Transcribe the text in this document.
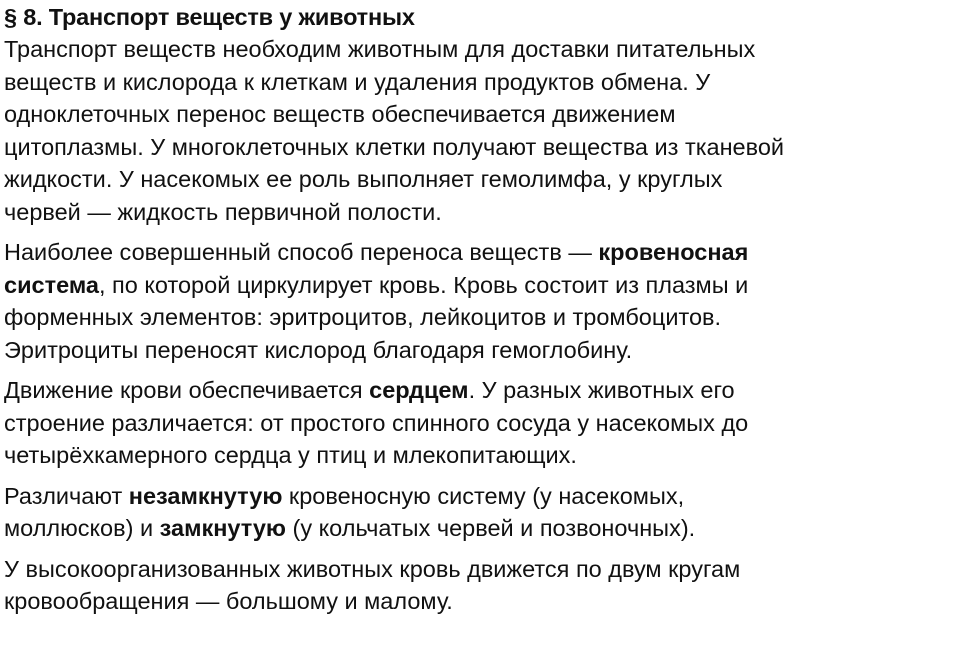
§ 8. Транспорт веществ у животных

Транспорт веществ необходим животным для доставки питательных
веществ и кислорода к клеткам и удаления продуктов обмена. У
одноклеточных перенос веществ обеспечивается движением
цитоплазмы. У многоклеточных клетки получают вещества из тканевой
жидкости. У насекомых ее роль выполняет гемолимфа, у круглых
червей — жидкость первичной полости.

Наиболее совершенный способ переноса веществ — кровеносная
система, по которой циркулирует кровь. Кровь состоит из плазмы и
форменных элементов: эритроцитов, лейкоцитов и тромбоцитов.
Эритроциты переносят кислород благодаря гемоглобину.

Движение крови обеспечивается сердцем. У разных животных его
строение различается: от простого спинного сосуда у насекомых до
четырёхкамерного сердца у птиц и млекопитающих.

Различают незамкнутую кровеносную систему (у насекомых,
моллюсков) и замкнутую (у кольчатых червей и позвоночных).

У высокоорганизованных животных кровь движется по двум кругам
кровообращения — большому и малому.
